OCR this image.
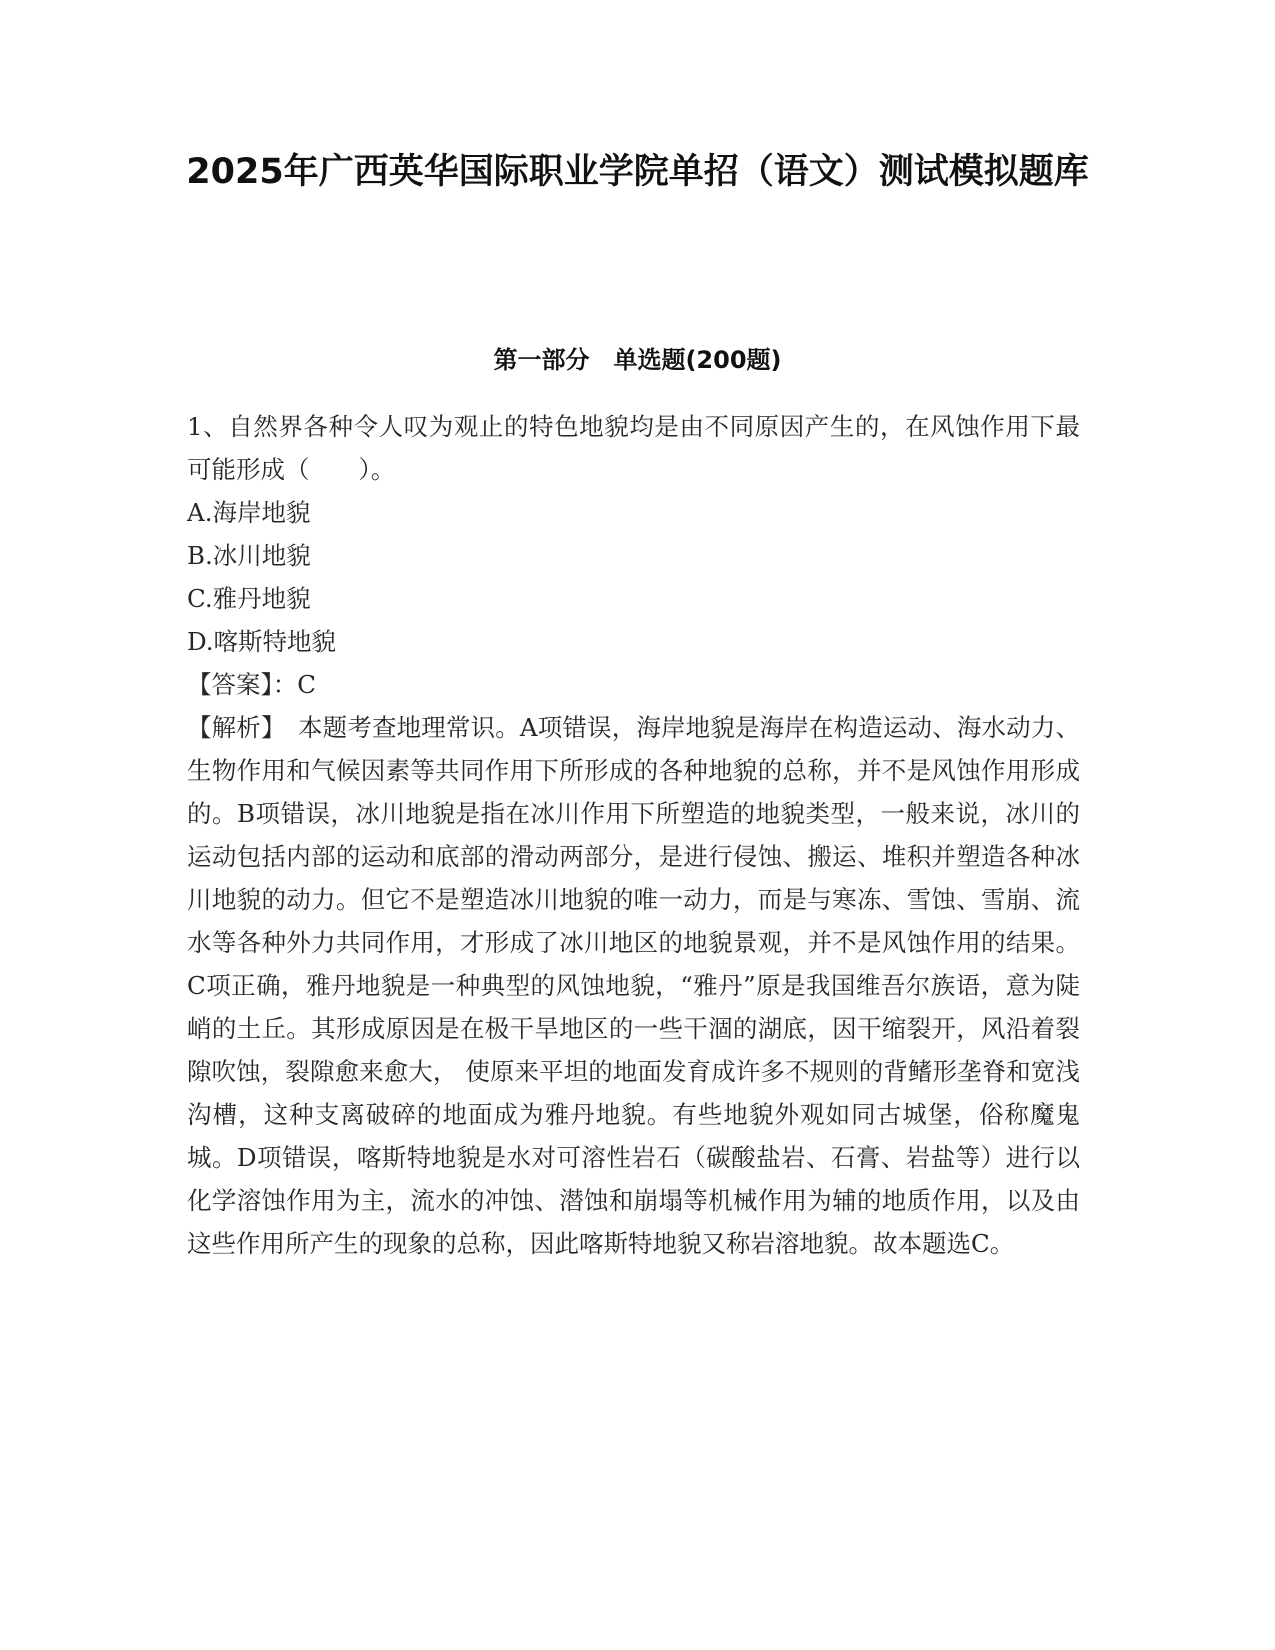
2025年广西英华国际职业学院单招（语文）测试模拟题库
第一部分　单选题(200题)

1、自然界各种令人叹为观止的特色地貌均是由不同原因产生的，在风蚀作用下最可能形成（　　）。

A.海岸地貌

B.冰川地貌

C.雅丹地貌

D.喀斯特地貌

【答案】：C

【解析】　本题考查地理常识。A项错误，海岸地貌是海岸在构造运动、海水动力、生物作用和气候因素等共同作用下所形成的各种地貌的总称，并不是风蚀作用形成的。B项错误，冰川地貌是指在冰川作用下所塑造的地貌类型，一般来说，冰川的运动包括内部的运动和底部的滑动两部分，是进行侵蚀、搬运、堆积并塑造各种冰川地貌的动力。但它不是塑造冰川地貌的唯一动力，而是与寒冻、雪蚀、雪崩、流水等各种外力共同作用，才形成了冰川地区的地貌景观，并不是风蚀作用的结果。C项正确，雅丹地貌是一种典型的风蚀地貌，“雅丹”原是我国维吾尔族语，意为陡峭的土丘。其形成原因是在极干旱地区的一些干涸的湖底，因干缩裂开，风沿着裂隙吹蚀，裂隙愈来愈大， 使原来平坦的地面发育成许多不规则的背鳍形垄脊和宽浅沟槽，这种支离破碎的地面成为雅丹地貌。有些地貌外观如同古城堡，俗称魔鬼城。D项错误，喀斯特地貌是水对可溶性岩石（碳酸盐岩、石膏、岩盐等）进行以化学溶蚀作用为主，流水的冲蚀、潜蚀和崩塌等机械作用为辅的地质作用，以及由这些作用所产生的现象的总称，因此喀斯特地貌又称岩溶地貌。故本题选C。
